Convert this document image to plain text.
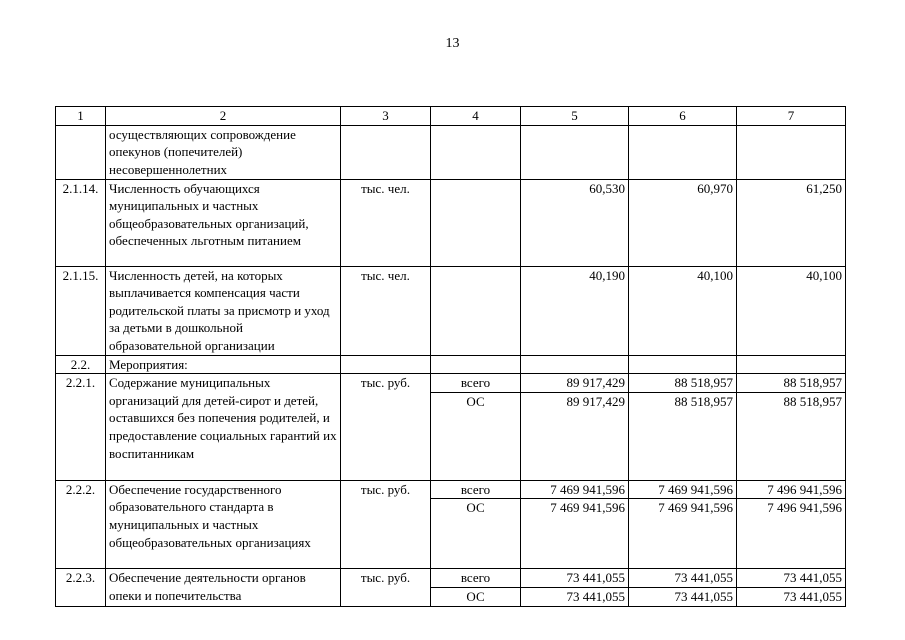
13
1	2	3	4	5	6	7
	осуществляющих сопровождение опекунов (попечителей) несовершеннолетних					
2.1.14.	Численность обучающихся муниципальных и частных общеобразовательных организаций, обеспеченных льготным питанием	тыс. чел.		60,530	60,970	61,250
2.1.15.	Численность детей, на которых выплачивается компенсация части родительской платы за присмотр и уход за детьми в дошкольной образовательной организации	тыс. чел.		40,190	40,100	40,100
2.2.	Мероприятия:					
2.2.1.	Содержание муниципальных организаций для детей-сирот и детей, оставшихся без попечения родителей, и предоставление социальных гарантий их воспитанникам	тыс. руб.	всего	89 917,429	88 518,957	88 518,957
			ОС	89 917,429	88 518,957	88 518,957
2.2.2.	Обеспечение государственного образовательного стандарта в муниципальных и частных общеобразовательных организациях	тыс. руб.	всего	7 469 941,596	7 469 941,596	7 496 941,596
			ОС	7 469 941,596	7 469 941,596	7 496 941,596
2.2.3.	Обеспечение деятельности органов опеки и попечительства	тыс. руб.	всего	73 441,055	73 441,055	73 441,055
			ОС	73 441,055	73 441,055	73 441,055
